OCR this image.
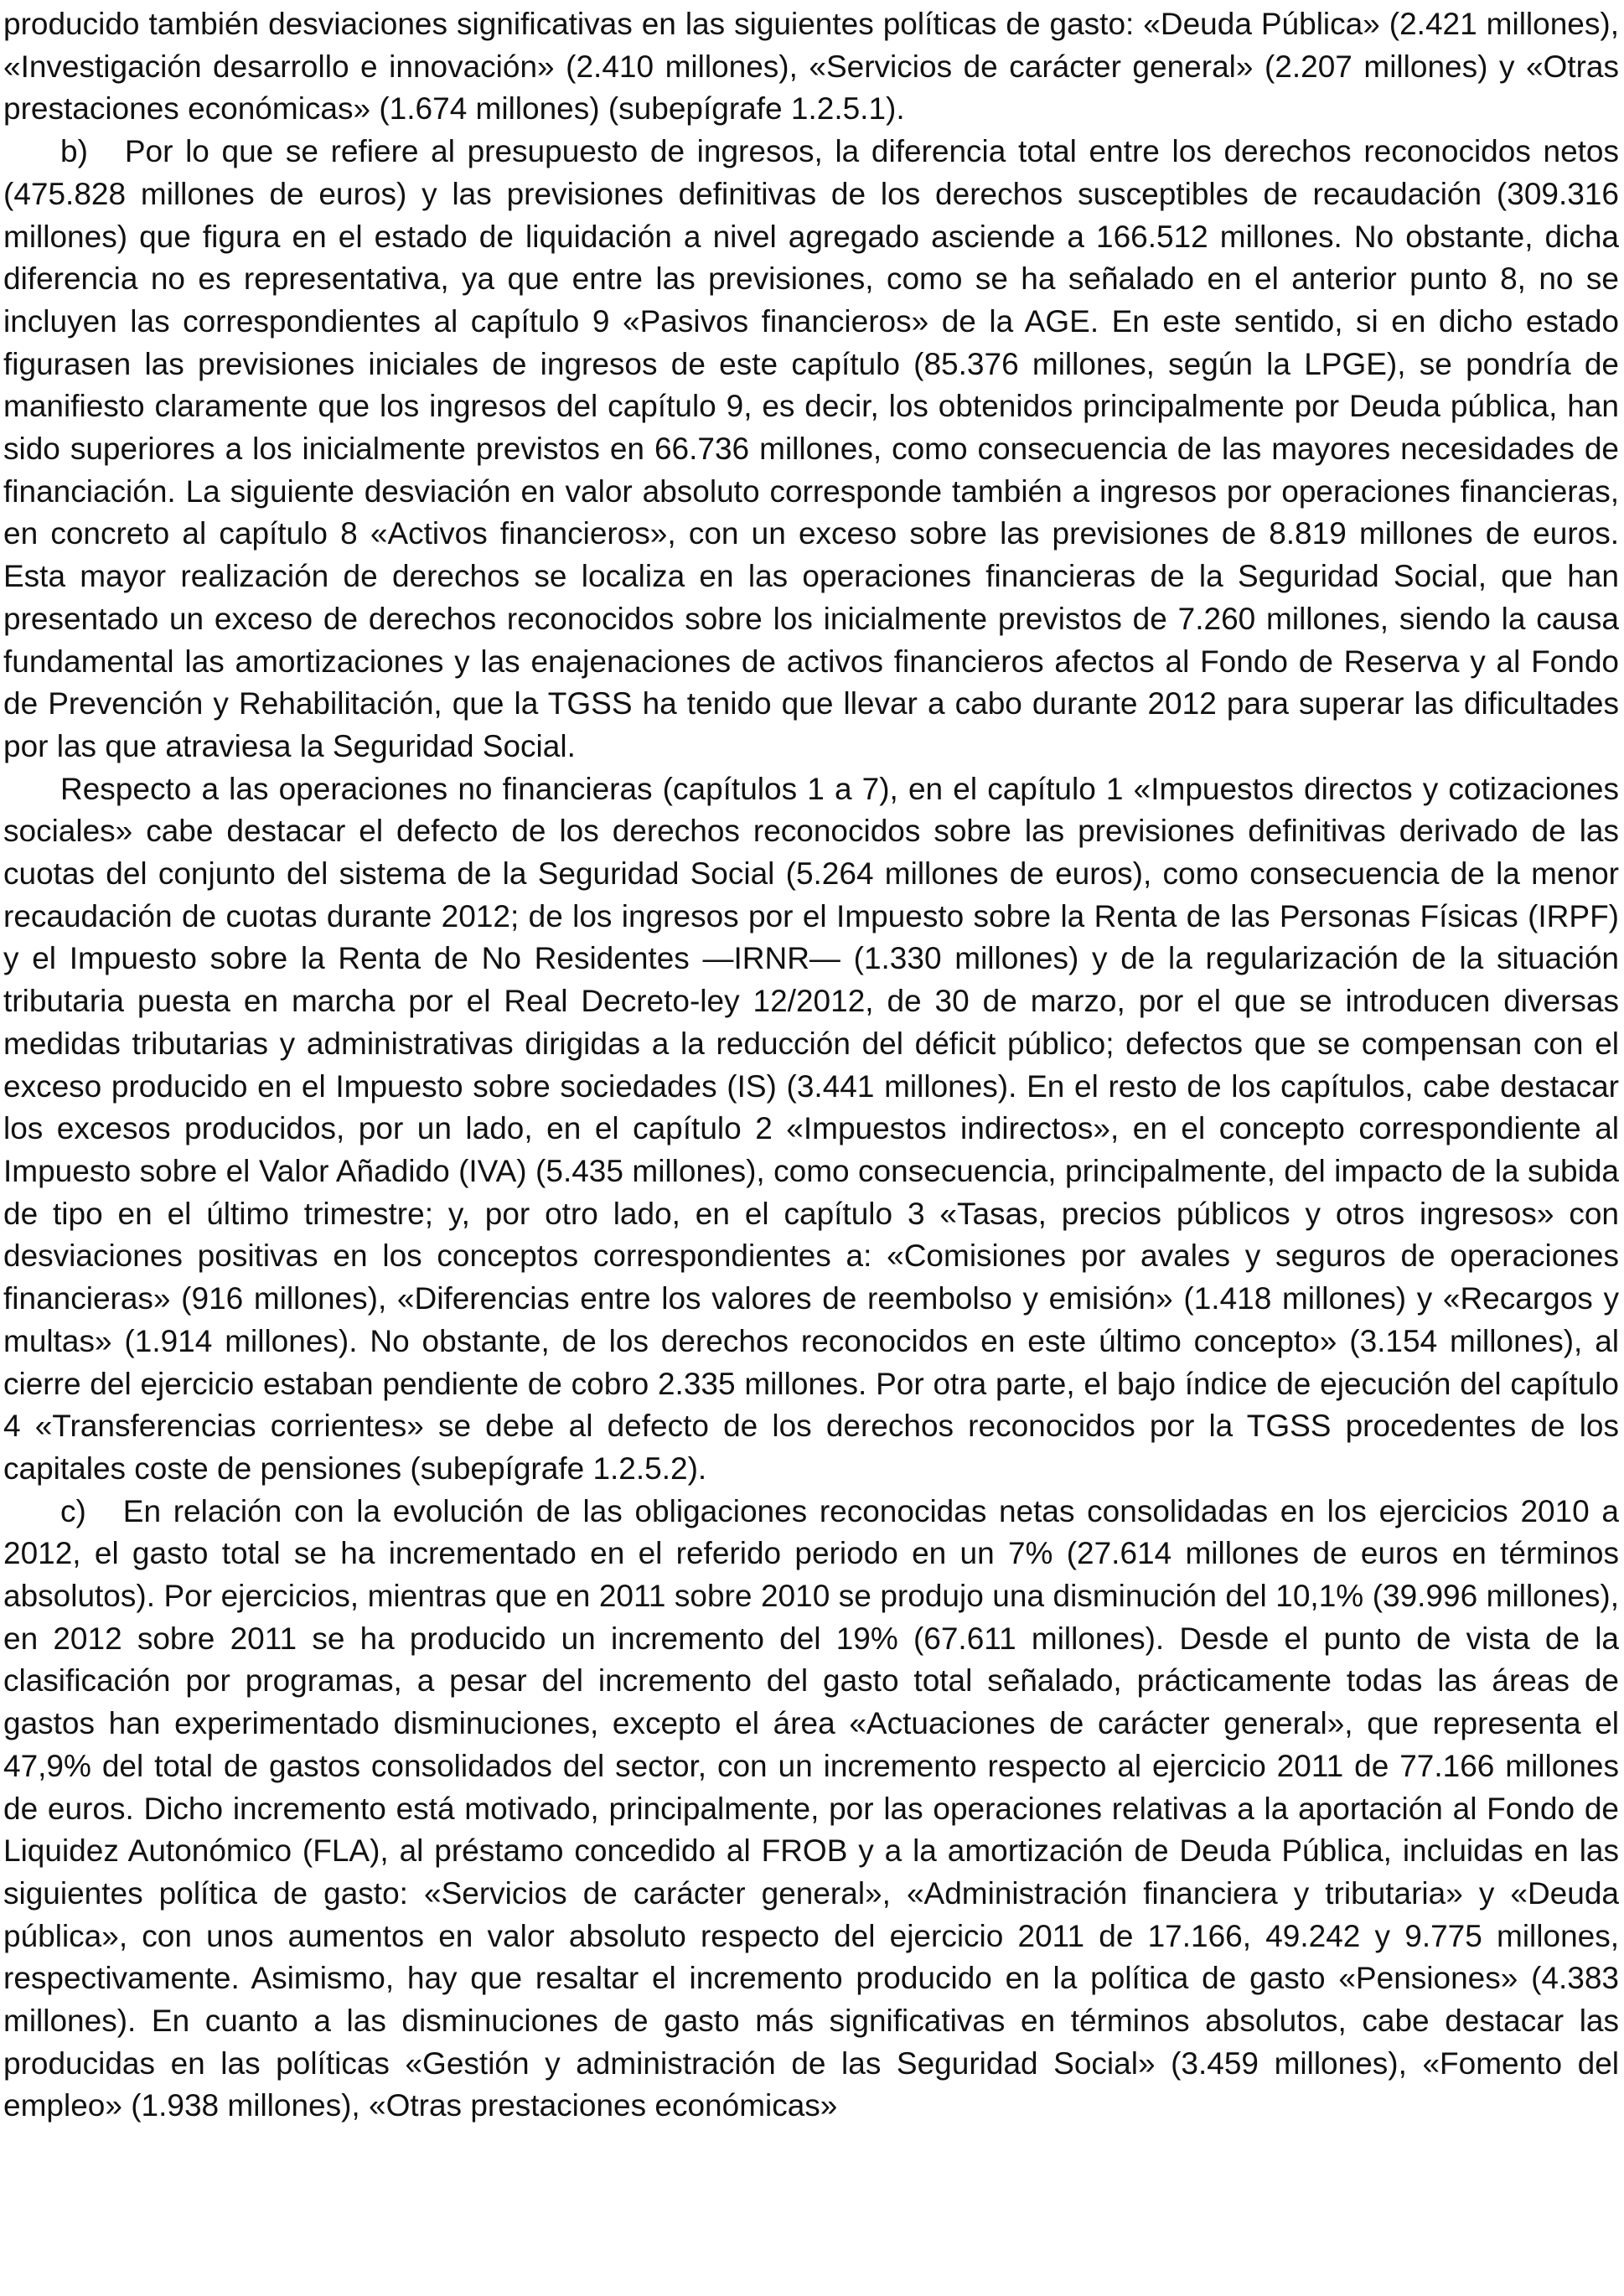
producido también desviaciones significativas en las siguientes políticas de gasto: «Deuda Pública» (2.421 millones), «Investigación desarrollo e innovación» (2.410 millones), «Servicios de carácter general» (2.207 millones) y «Otras prestaciones económicas» (1.674 millones) (subepígrafe 1.2.5.1).

b)   Por lo que se refiere al presupuesto de ingresos, la diferencia total entre los derechos reconocidos netos (475.828 millones de euros) y las previsiones definitivas de los derechos susceptibles de recaudación (309.316 millones) que figura en el estado de liquidación a nivel agregado asciende a 166.512 millones. No obstante, dicha diferencia no es representativa, ya que entre las previsiones, como se ha señalado en el anterior punto 8, no se incluyen las correspondientes al capítulo 9 «Pasivos financieros» de la AGE. En este sentido, si en dicho estado figurasen las previsiones iniciales de ingresos de este capítulo (85.376 millones, según la LPGE), se pondría de manifiesto claramente que los ingresos del capítulo 9, es decir, los obtenidos principalmente por Deuda pública, han sido superiores a los inicialmente previstos en 66.736 millones, como consecuencia de las mayores necesidades de financiación. La siguiente desviación en valor absoluto corresponde también a ingresos por operaciones financieras, en concreto al capítulo 8 «Activos financieros», con un exceso sobre las previsiones de 8.819 millones de euros. Esta mayor realización de derechos se localiza en las operaciones financieras de la Seguridad Social, que han presentado un exceso de derechos reconocidos sobre los inicialmente previstos de 7.260 millones, siendo la causa fundamental las amortizaciones y las enajenaciones de activos financieros afectos al Fondo de Reserva y al Fondo de Prevención y Rehabilitación, que la TGSS ha tenido que llevar a cabo durante 2012 para superar las dificultades por las que atraviesa la Seguridad Social.

Respecto a las operaciones no financieras (capítulos 1 a 7), en el capítulo 1 «Impuestos directos y cotizaciones sociales» cabe destacar el defecto de los derechos reconocidos sobre las previsiones definitivas derivado de las cuotas del conjunto del sistema de la Seguridad Social (5.264 millones de euros), como consecuencia de la menor recaudación de cuotas durante 2012; de los ingresos por el Impuesto sobre la Renta de las Personas Físicas (IRPF) y el Impuesto sobre la Renta de No Residentes —IRNR— (1.330 millones) y de la regularización de la situación tributaria puesta en marcha por el Real Decreto-ley 12/2012, de 30 de marzo, por el que se introducen diversas medidas tributarias y administrativas dirigidas a la reducción del déficit público; defectos que se compensan con el exceso producido en el Impuesto sobre sociedades (IS) (3.441 millones). En el resto de los capítulos, cabe destacar los excesos producidos, por un lado, en el capítulo 2 «Impuestos indirectos», en el concepto correspondiente al Impuesto sobre el Valor Añadido (IVA) (5.435 millones), como consecuencia, principalmente, del impacto de la subida de tipo en el último trimestre; y, por otro lado, en el capítulo 3 «Tasas, precios públicos y otros ingresos» con desviaciones positivas en los conceptos correspondientes a: «Comisiones por avales y seguros de operaciones financieras» (916 millones), «Diferencias entre los valores de reembolso y emisión» (1.418 millones) y «Recargos y multas» (1.914 millones). No obstante, de los derechos reconocidos en este último concepto» (3.154 millones), al cierre del ejercicio estaban pendiente de cobro 2.335 millones. Por otra parte, el bajo índice de ejecución del capítulo 4 «Transferencias corrientes» se debe al defecto de los derechos reconocidos por la TGSS procedentes de los capitales coste de pensiones (subepígrafe 1.2.5.2).

c)   En relación con la evolución de las obligaciones reconocidas netas consolidadas en los ejercicios 2010 a 2012, el gasto total se ha incrementado en el referido periodo en un 7% (27.614 millones de euros en términos absolutos). Por ejercicios, mientras que en 2011 sobre 2010 se produjo una disminución del 10,1% (39.996 millones), en 2012 sobre 2011 se ha producido un incremento del 19% (67.611 millones). Desde el punto de vista de la clasificación por programas, a pesar del incremento del gasto total señalado, prácticamente todas las áreas de gastos han experimentado disminuciones, excepto el área «Actuaciones de carácter general», que representa el 47,9% del total de gastos consolidados del sector, con un incremento respecto al ejercicio 2011 de 77.166 millones de euros. Dicho incremento está motivado, principalmente, por las operaciones relativas a la aportación al Fondo de Liquidez Autonómico (FLA), al préstamo concedido al FROB y a la amortización de Deuda Pública, incluidas en las siguientes política de gasto: «Servicios de carácter general», «Administración financiera y tributaria» y «Deuda pública», con unos aumentos en valor absoluto respecto del ejercicio 2011 de 17.166, 49.242 y 9.775 millones, respectivamente. Asimismo, hay que resaltar el incremento producido en la política de gasto «Pensiones» (4.383 millones). En cuanto a las disminuciones de gasto más significativas en términos absolutos, cabe destacar las producidas en las políticas «Gestión y administración de las Seguridad Social» (3.459 millones), «Fomento del empleo» (1.938 millones), «Otras prestaciones económicas»
